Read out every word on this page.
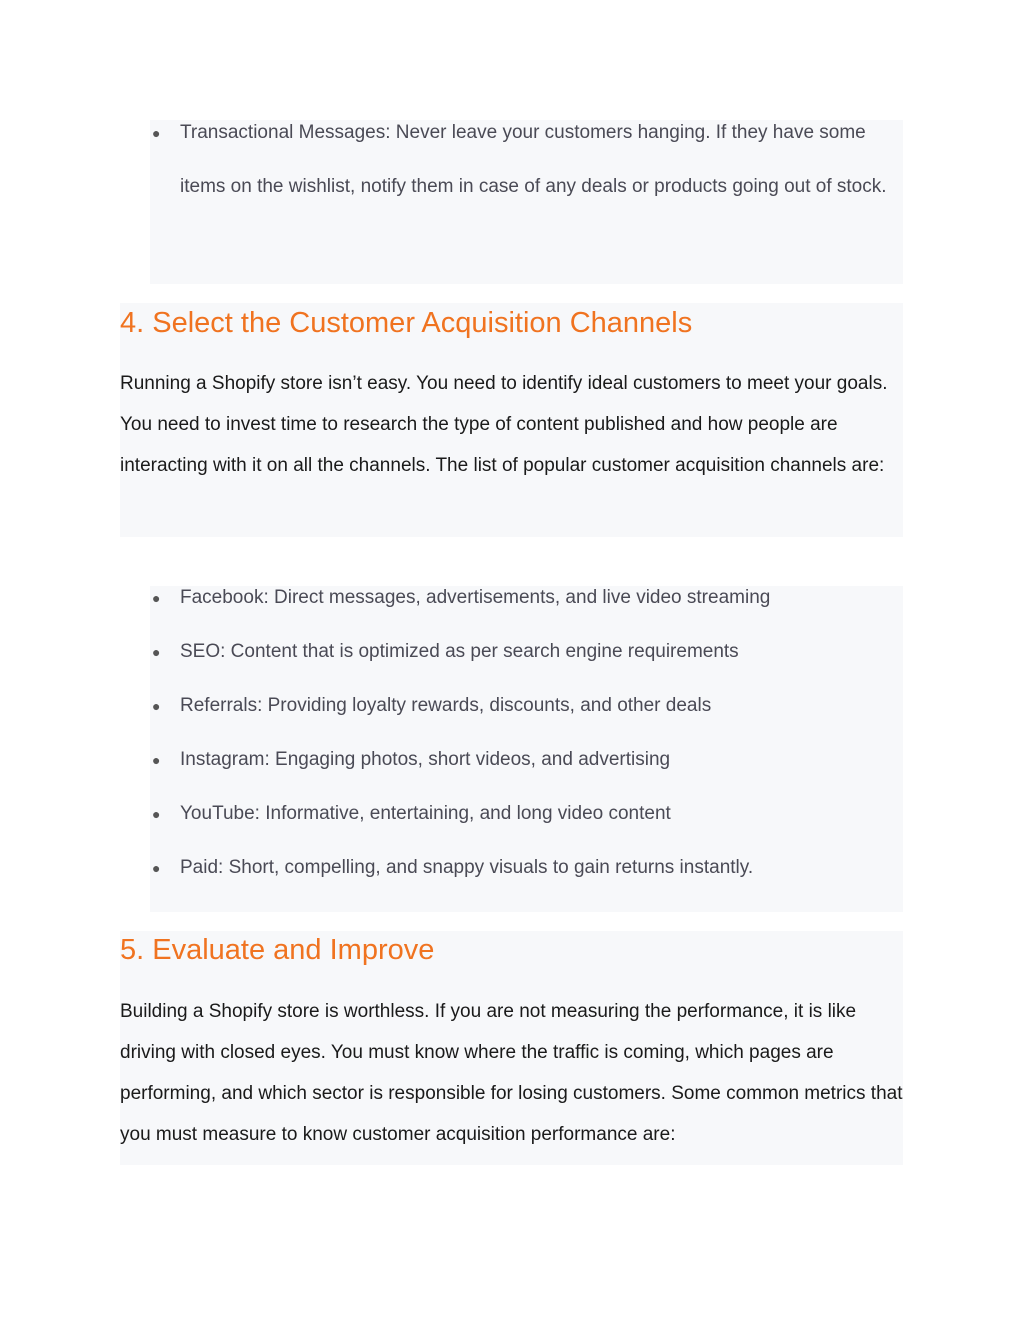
● Transactional Messages: Never leave your customers hanging. If they have some items on the wishlist, notify them in case of any deals or products going out of stock.
4. Select the Customer Acquisition Channels

Running a Shopify store isn’t easy. You need to identify ideal customers to meet your goals. You need to invest time to research the type of content published and how people are interacting with it on all the channels. The list of popular customer acquisition channels are:

● Facebook: Direct messages, advertisements, and live video streaming
● SEO: Content that is optimized as per search engine requirements
● Referrals: Providing loyalty rewards, discounts, and other deals
● Instagram: Engaging photos, short videos, and advertising
● YouTube: Informative, entertaining, and long video content
● Paid: Short, compelling, and snappy visuals to gain returns instantly.
5. Evaluate and Improve

Building a Shopify store is worthless. If you are not measuring the performance, it is like driving with closed eyes. You must know where the traffic is coming, which pages are performing, and which sector is responsible for losing customers. Some common metrics that you must measure to know customer acquisition performance are:
